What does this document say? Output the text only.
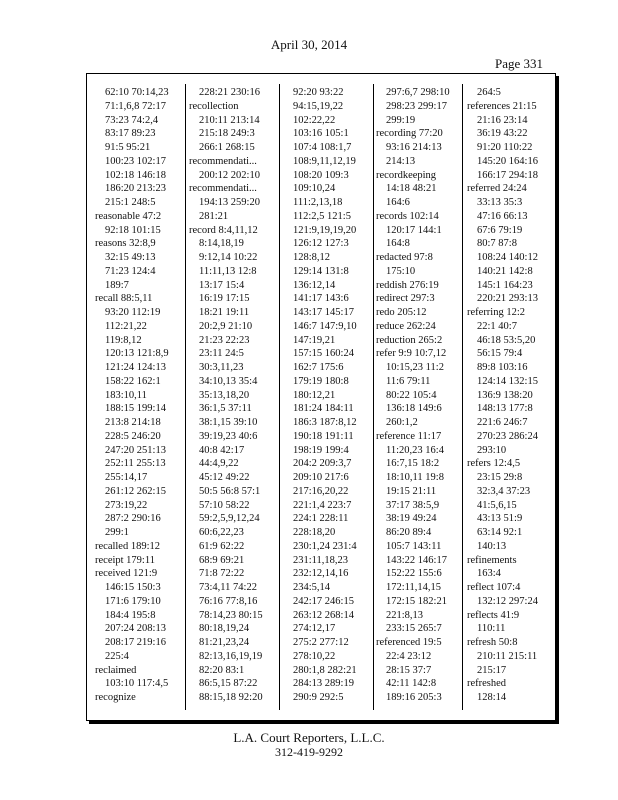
April 30, 2014
Page 331
62:10 70:14,23
71:1,6,8 72:17
73:23 74:2,4
83:17 89:23
91:5 95:21
100:23 102:17
102:18 146:18
186:20 213:23
215:1 248:5
reasonable 47:2
92:18 101:15
reasons 32:8,9
32:15 49:13
71:23 124:4
189:7
recall 88:5,11
93:20 112:19
112:21,22
119:8,12
120:13 121:8,9
121:24 124:13
158:22 162:1
183:10,11
188:15 199:14
213:8 214:18
228:5 246:20
247:20 251:13
252:11 255:13
255:14,17
261:12 262:15
273:19,22
287:2 290:16
299:1
recalled 189:12
receipt 179:11
received 121:9
146:15 150:3
171:6 179:10
184:4 195:8
207:24 208:13
208:17 219:16
225:4
reclaimed
103:10 117:4,5
recognize
228:21 230:16
recollection
210:11 213:14
215:18 249:3
266:1 268:15
recommendati...
200:12 202:10
recommendati...
194:13 259:20
281:21
record 8:4,11,12
8:14,18,19
9:12,14 10:22
11:11,13 12:8
13:17 15:4
16:19 17:15
18:21 19:11
20:2,9 21:10
21:23 22:23
23:11 24:5
30:3,11,23
34:10,13 35:4
35:13,18,20
36:1,5 37:11
38:1,15 39:10
39:19,23 40:6
40:8 42:17
44:4,9,22
45:12 49:22
50:5 56:8 57:1
57:10 58:22
59:2,5,9,12,24
60:6,22,23
61:9 62:22
68:9 69:21
71:8 72:22
73:4,11 74:22
76:16 77:8,16
78:14,23 80:15
80:18,19,24
81:21,23,24
82:13,16,19,19
82:20 83:1
86:5,15 87:22
88:15,18 92:20
92:20 93:22
94:15,19,22
102:22,22
103:16 105:1
107:4 108:1,7
108:9,11,12,19
108:20 109:3
109:10,24
111:2,13,18
112:2,5 121:5
121:9,19,19,20
126:12 127:3
128:8,12
129:14 131:8
136:12,14
141:17 143:6
143:17 145:17
146:7 147:9,10
147:19,21
157:15 160:24
162:7 175:6
179:19 180:8
180:12,21
181:24 184:11
186:3 187:8,12
190:18 191:11
198:19 199:4
204:2 209:3,7
209:10 217:6
217:16,20,22
221:1,4 223:7
224:1 228:11
228:18,20
230:1,24 231:4
231:11,18,23
232:12,14,16
234:5,14
242:17 246:15
263:12 268:14
274:12,17
275:2 277:12
278:10,22
280:1,8 282:21
284:13 289:19
290:9 292:5
297:6,7 298:10
298:23 299:17
299:19
recording 77:20
93:16 214:13
214:13
recordkeeping
14:18 48:21
164:6
records 102:14
120:17 144:1
164:8
redacted 97:8
175:10
reddish 276:19
redirect 297:3
redo 205:12
reduce 262:24
reduction 265:2
refer 9:9 10:7,12
10:15,23 11:2
11:6 79:11
80:22 105:4
136:18 149:6
260:1,2
reference 11:17
11:20,23 16:4
16:7,15 18:2
18:10,11 19:8
19:15 21:11
37:17 38:5,9
38:19 49:24
86:20 89:4
105:7 143:11
143:22 146:17
152:22 155:6
172:11,14,15
172:15 182:21
221:8,13
233:15 265:7
referenced 19:5
22:4 23:12
28:15 37:7
42:11 142:8
189:16 205:3
264:5
references 21:15
21:16 23:14
36:19 43:22
91:20 110:22
145:20 164:16
166:17 294:18
referred 24:24
33:13 35:3
47:16 66:13
67:6 79:19
80:7 87:8
108:24 140:12
140:21 142:8
145:1 164:23
220:21 293:13
referring 12:2
22:1 40:7
46:18 53:5,20
56:15 79:4
89:8 103:16
124:14 132:15
136:9 138:20
148:13 177:8
221:6 246:7
270:23 286:24
293:10
refers 12:4,5
23:15 29:8
32:3,4 37:23
41:5,6,15
43:13 51:9
63:14 92:1
140:13
refinements
163:4
reflect 107:4
132:12 297:24
reflects 41:9
110:11
refresh 50:8
210:11 215:11
215:17
refreshed
128:14
L.A. Court Reporters, L.L.C.
312-419-9292
